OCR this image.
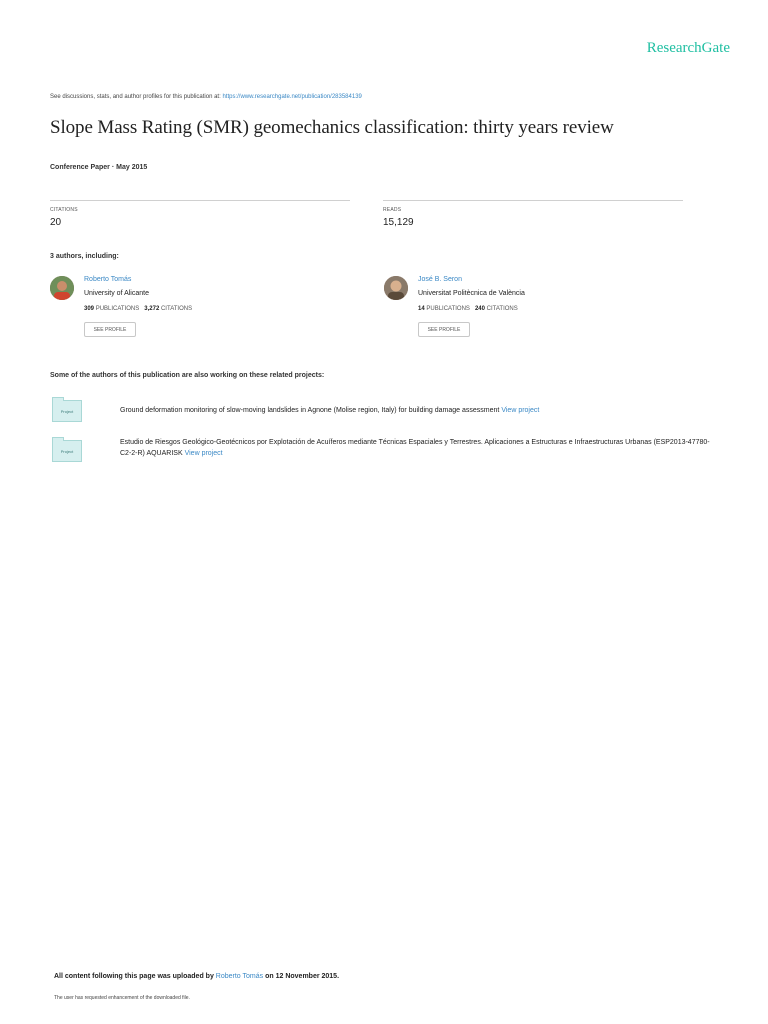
ResearchGate
See discussions, stats, and author profiles for this publication at: https://www.researchgate.net/publication/283584139
Slope Mass Rating (SMR) geomechanics classification: thirty years review
Conference Paper · May 2015
CITATIONS
20
READS
15,129
3 authors, including:
Roberto Tomás
University of Alicante
309 PUBLICATIONS 3,272 CITATIONS
SEE PROFILE
José B. Seron
Universitat Politècnica de València
14 PUBLICATIONS 240 CITATIONS
SEE PROFILE
Some of the authors of this publication are also working on these related projects:
Project	Ground deformation monitoring of slow-moving landslides in Agnone (Molise region, Italy) for building damage assessment View project
Project
Estudio de Riesgos Geológico-Geotécnicos por Explotación de Acuíferos mediante Técnicas Espaciales y Terrestres. Aplicaciones a Estructuras e Infraestructuras Urbanas (ESP2013-47780-C2-2-R) AQUARISK View project
All content following this page was uploaded by Roberto Tomás on 12 November 2015.
The user has requested enhancement of the downloaded file.
